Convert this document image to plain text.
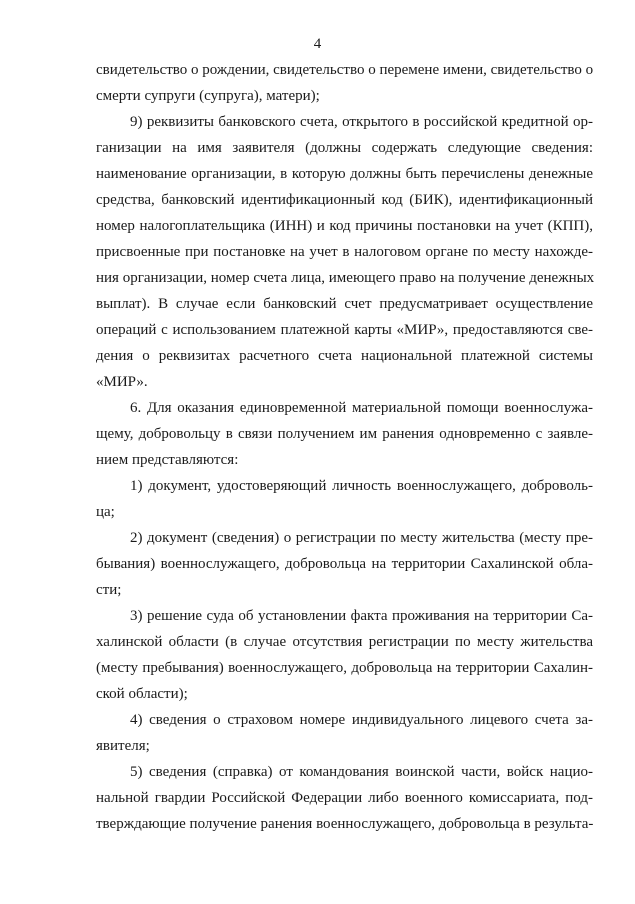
4
свидетельство о рождении, свидетельство о перемене имени, свидетельство о
смерти супруги (супруга), матери);
9) реквизиты банковского счета, открытого в российской кредитной ор-
ганизации на имя заявителя (должны содержать следующие сведения:
наименование организации, в которую должны быть перечислены денежные
средства, банковский идентификационный код (БИК), идентификационный
номер налогоплательщика (ИНН) и код причины постановки на учет (КПП),
присвоенные при постановке на учет в налоговом органе по месту нахожде-
ния организации, номер счета лица, имеющего право на получение денежных
выплат). В случае если банковский счет предусматривает осуществление
операций с использованием платежной карты «МИР», предоставляются све-
дения о реквизитах расчетного счета национальной платежной системы
«МИР».
6. Для оказания единовременной материальной помощи военнослужа-
щему, добровольцу в связи получением им ранения одновременно с заявле-
нием представляются:
1) документ, удостоверяющий личность военнослужащего, доброволь-
ца;
2) документ (сведения) о регистрации по месту жительства (месту пре-
бывания) военнослужащего, добровольца на территории Сахалинской обла-
сти;
3) решение суда об установлении факта проживания на территории Са-
халинской области (в случае отсутствия регистрации по месту жительства
(месту пребывания) военнослужащего, добровольца на территории Сахалин-
ской области);
4) сведения о страховом номере индивидуального лицевого счета за-
явителя;
5) сведения (справка) от командования воинской части, войск нацио-
нальной гвардии Российской Федерации либо военного комиссариата, под-
тверждающие получение ранения военнослужащего, добровольца в результа-
